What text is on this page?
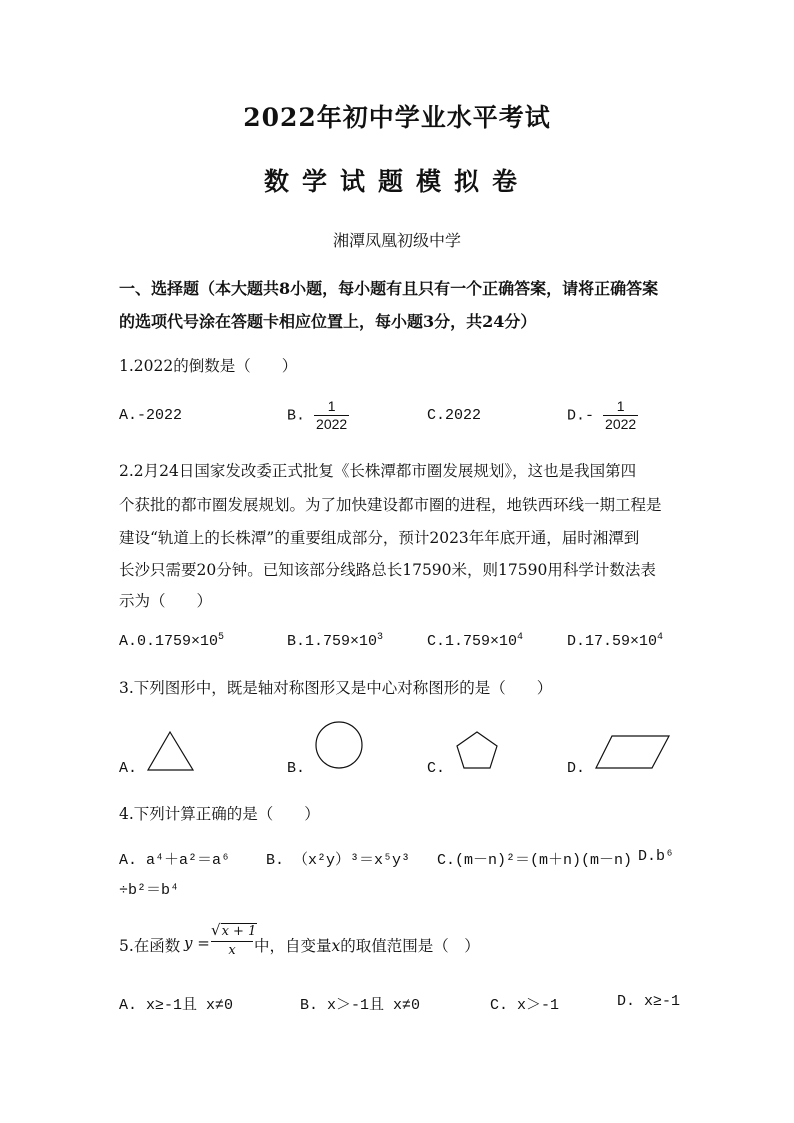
2022年初中学业水平考试
数学试题模拟卷
湘潭凤凰初级中学
一、选择题（本大题共8小题，每小题有且只有一个正确答案，请将正确答案
的选项代号涂在答题卡相应位置上，每小题3分，共24分）
1.2022的倒数是（　　）
A.-2022	B. $\frac{1}{2022}$	C.2022	$D.- \frac{1}{2022}$
2.2月24日国家发改委正式批复《长株潭都市圈发展规划》，这也是我国第四
个获批的都市圈发展规划。为了加快建设都市圈的进程，地铁西环线一期工程是
建设“轨道上的长株潭”的重要组成部分，预计2023年年底开通，届时湘潭到
长沙只需要20分钟。已知该部分线路总长17590米，则17590用科学计数法表
示为（　　）
$A.0.1759\times 10^5$	$B.1.759\times 10^3$	$C.1.759\times 10^4$	$D.17.59\times 10^4$
3.下列图形中，既是轴对称图形又是中心对称图形的是（　　）
A.	B.	C.	D.
4.下列计算正确的是（　　）
A. a⁴＋a²＝a⁶ B. （x²y）³＝x⁵y³ C.(m－n)²＝(m＋n)(m－n) D.b⁶
÷b²＝b⁴
5.在函数 $y = \frac{√x + 1}{x}$ 中，自变量x的取值范围是（　）
A. x≥-1且 x≠0	B. x＞-1且 x≠0	C. x＞-1	D. x≥-1
